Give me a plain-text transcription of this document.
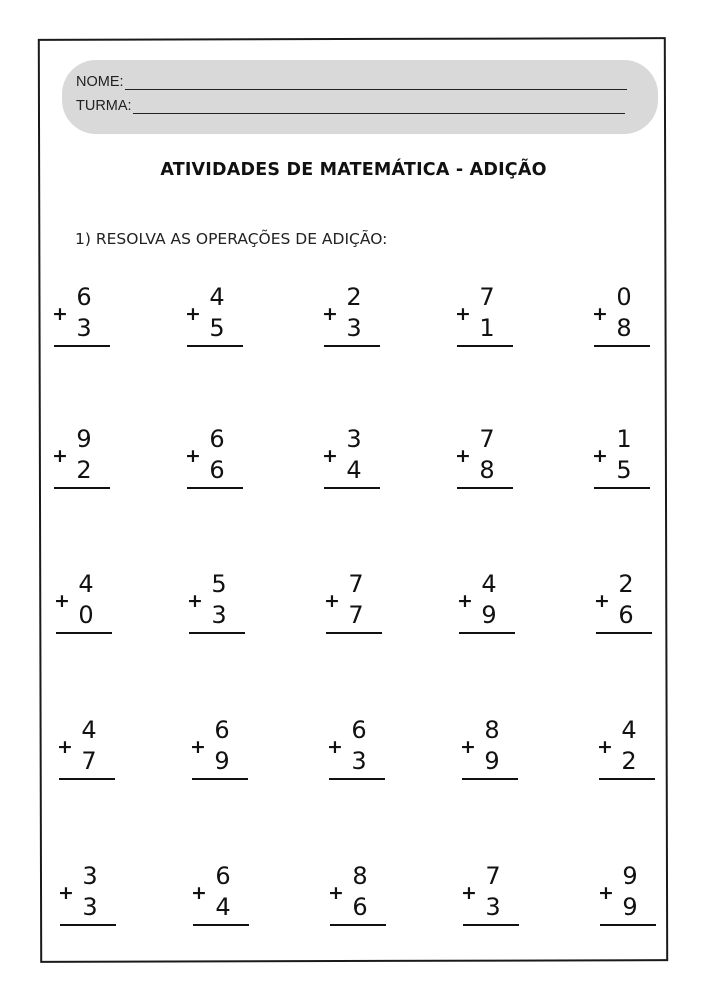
NOME:
TURMA:
ATIVIDADES DE MATEMÁTICA - ADIÇÃO
1) RESOLVA AS OPERAÇÕES DE ADIÇÃO:
+
6
3	+
4
5	+
2
3	+
7
1	+
0
8
+
9
2	+
6
6	+
3
4	+
7
8	+
1
5
+
4
0	+
5
3	+
7
7	+
4
9	+
2
6
+
4
7	+
6
9	+
6
3	+
8
9	+
4
2
+
3
3	+
6
4	+
8
6	+
7
3	+
9
9
